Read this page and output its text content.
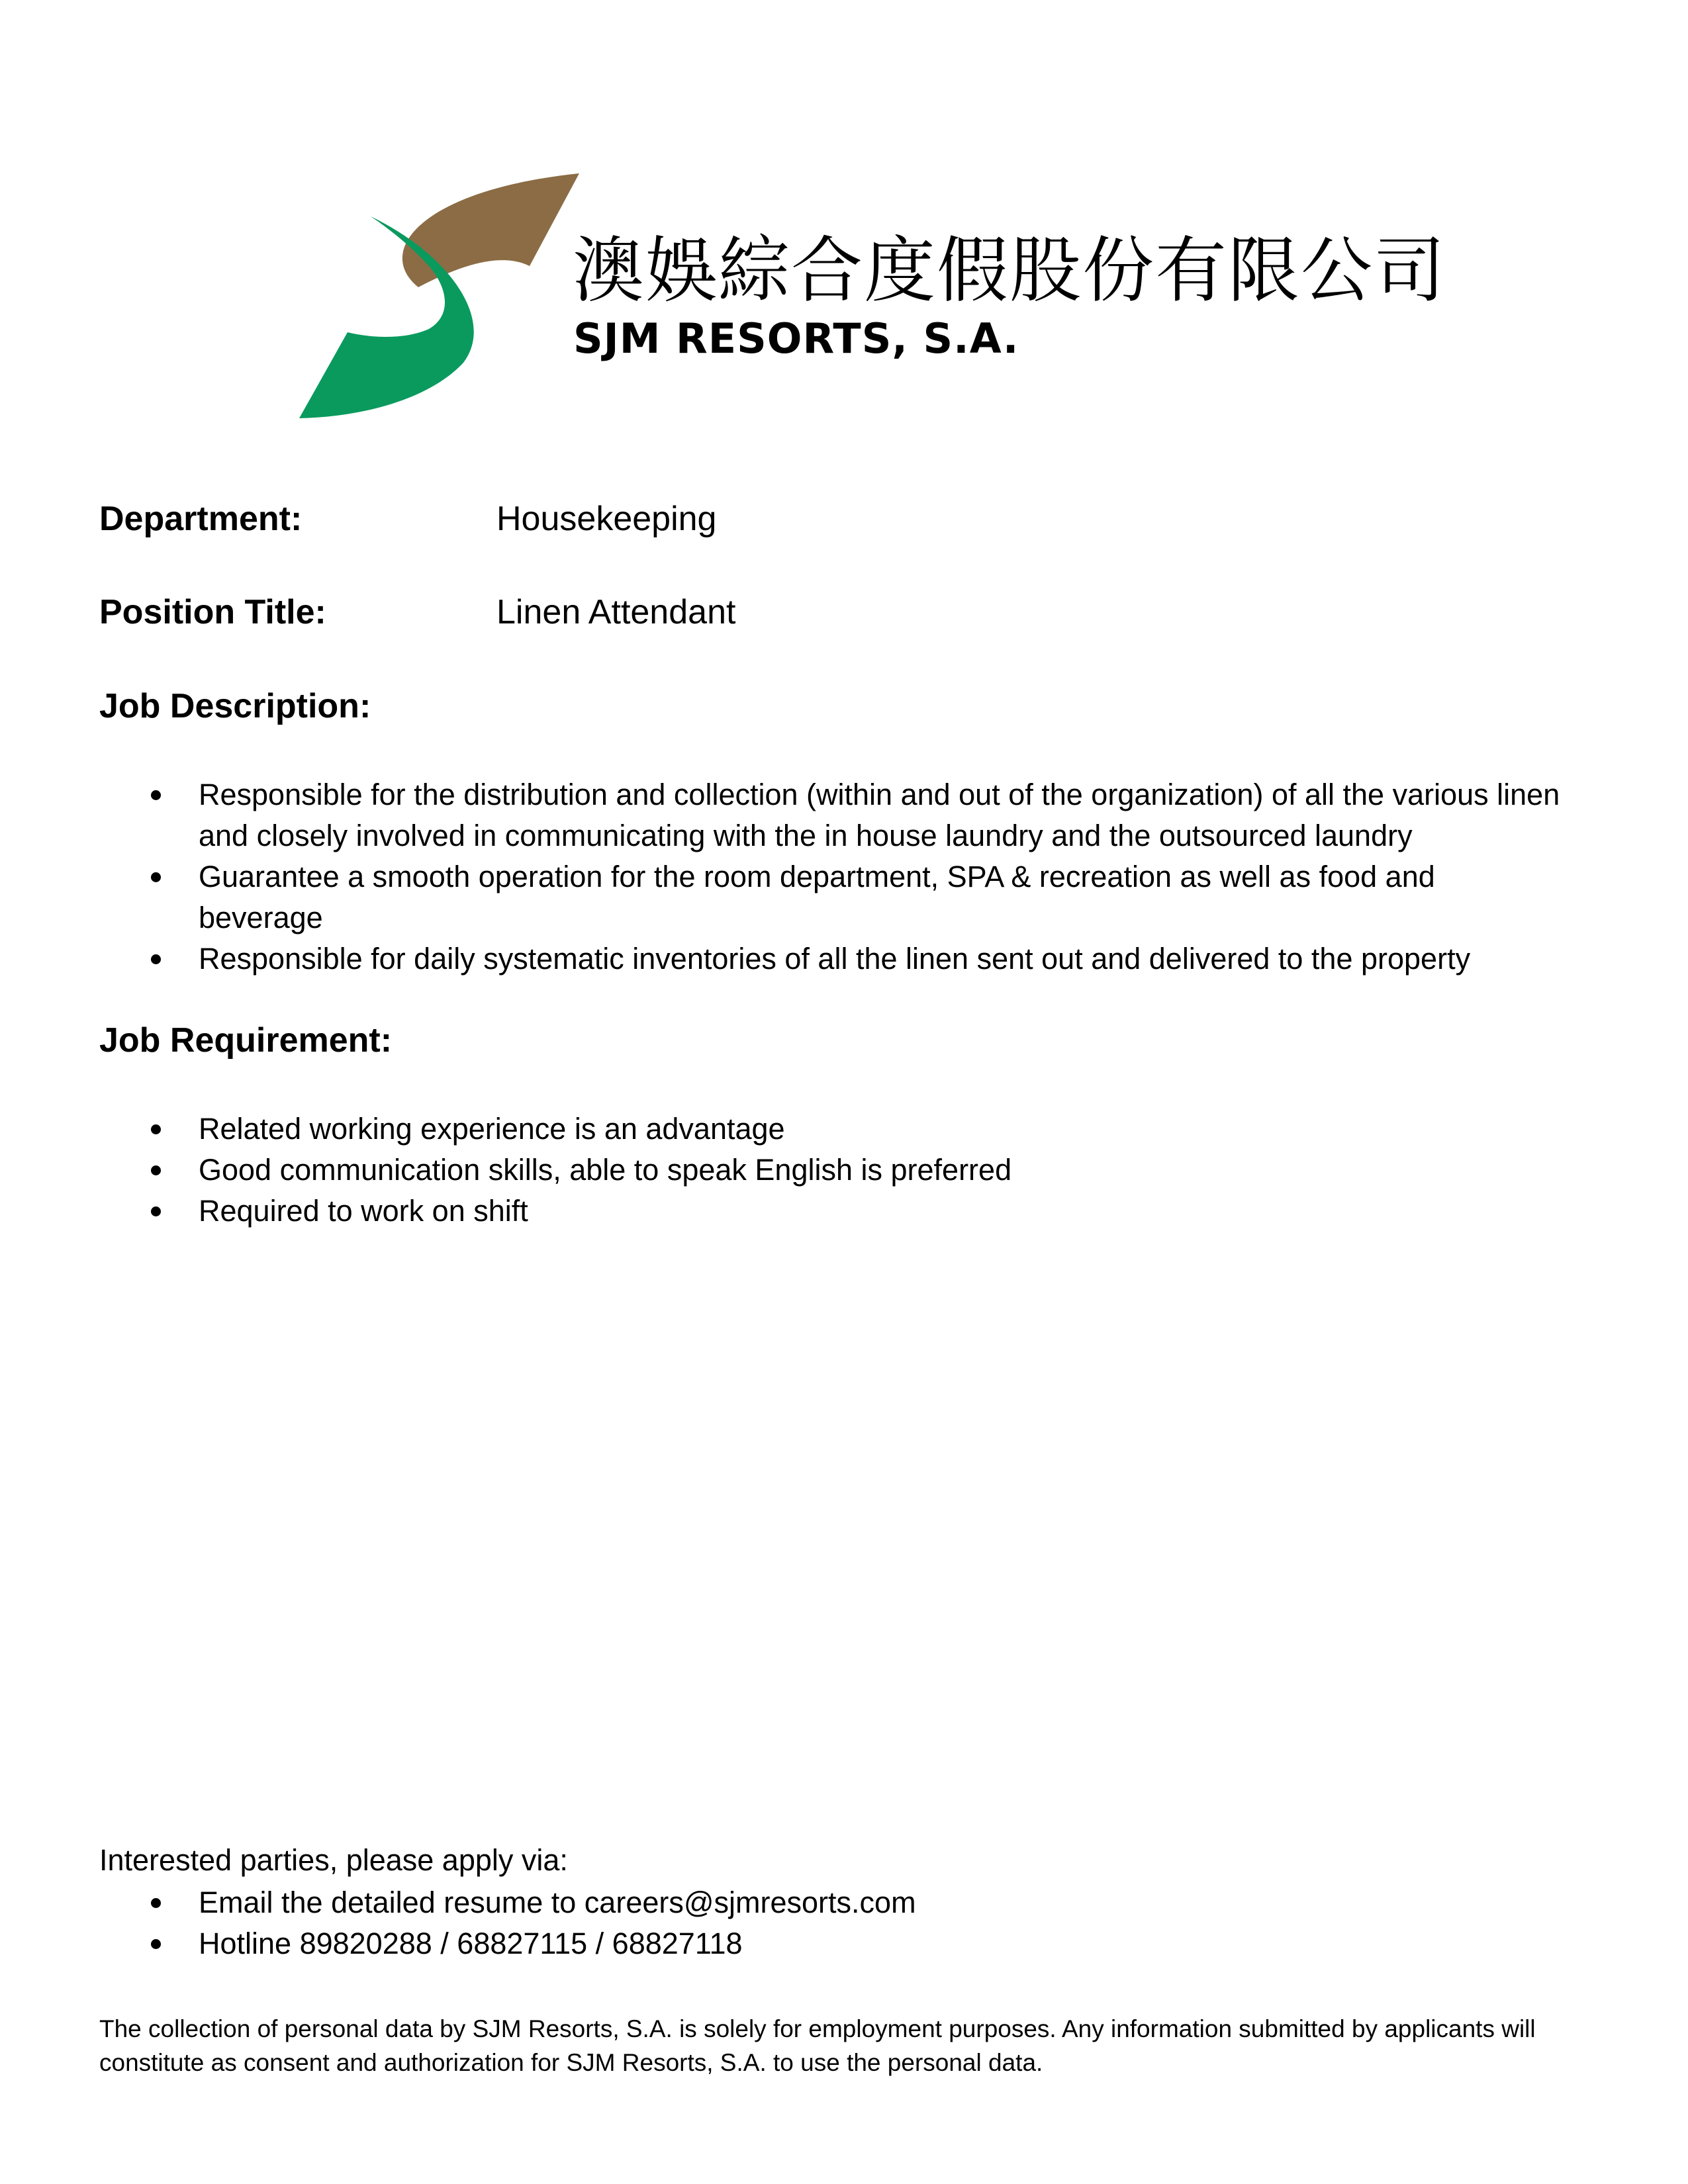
澳娛綜合度假股份有限公司
SJM RESORTS, S.A.
Department:	Housekeeping
Position Title:	Linen Attendant
Job Description:
Responsible for the distribution and collection (within and out of the organization) of all the various linen and closely involved in communicating with the in house laundry and the outsourced laundry
Guarantee a smooth operation for the room department, SPA & recreation as well as food and beverage
Responsible for daily systematic inventories of all the linen sent out and delivered to the property
Job Requirement:
Related working experience is an advantage
Good communication skills, able to speak English is preferred
Required to work on shift
Interested parties, please apply via:
Email the detailed resume to careers@sjmresorts.com
Hotline 89820288 / 68827115 / 68827118
The collection of personal data by SJM Resorts, S.A. is solely for employment purposes. Any information submitted by applicants will constitute as consent and authorization for SJM Resorts, S.A. to use the personal data.
